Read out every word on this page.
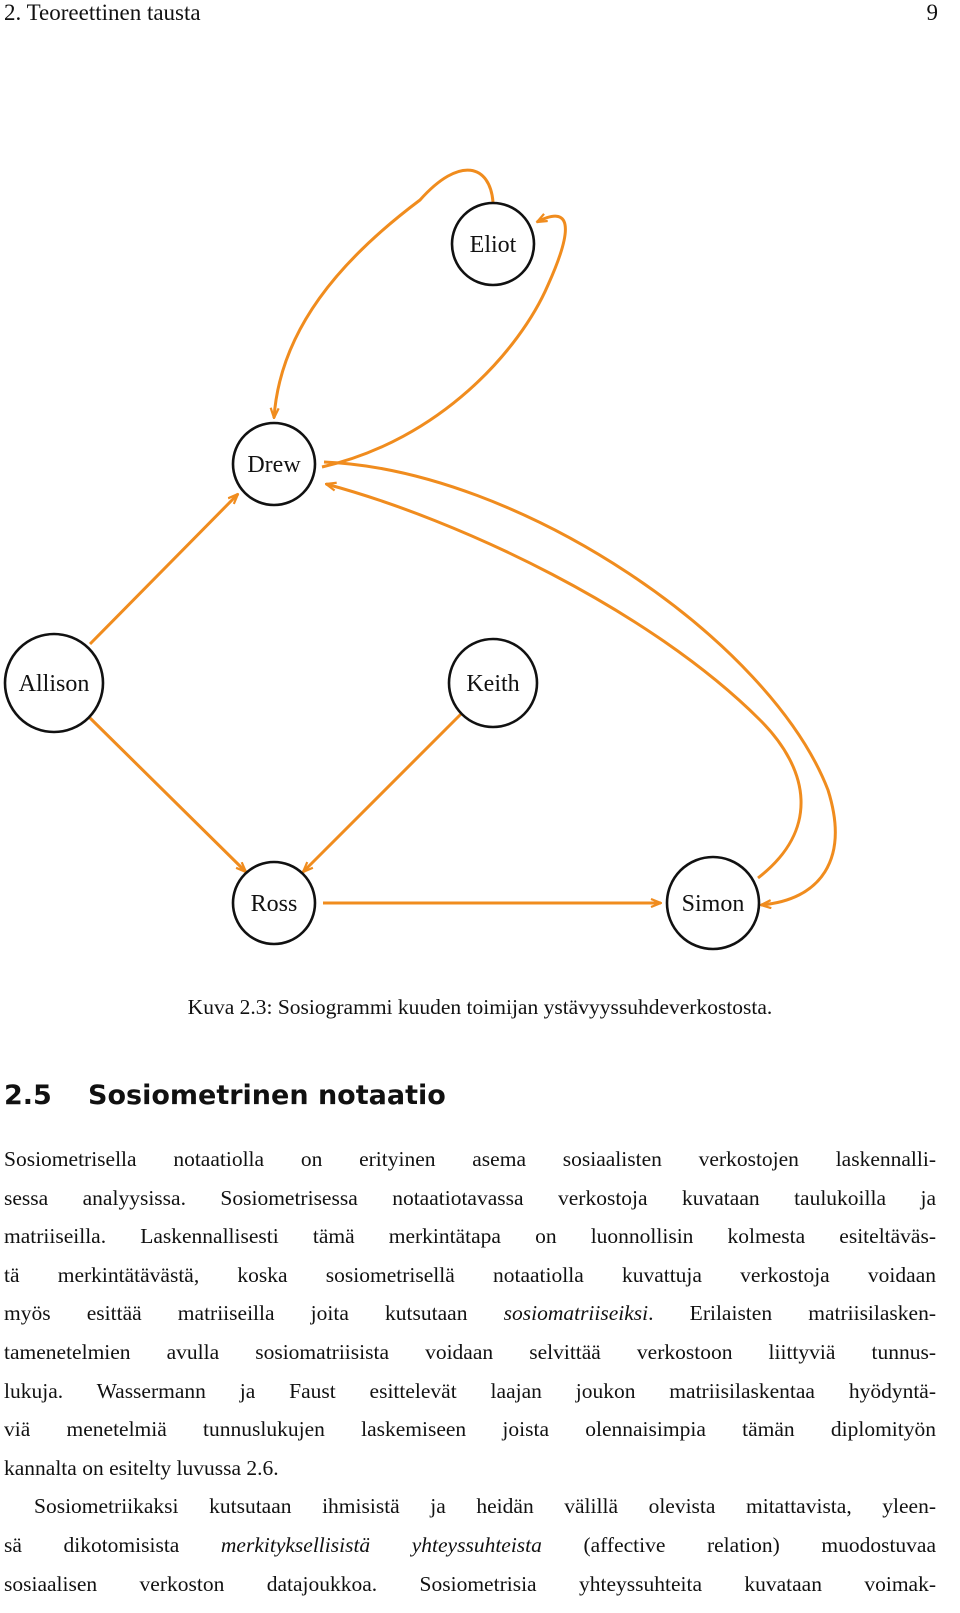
2. Teoreettinen tausta	9
Eliot
Drew
Allison	Keith
Ross	Simon
Kuva 2.3: Sosiogrammi kuuden toimijan ystävyyssuhdeverkostosta.
2.5 Sosiometrinen notaatio
Sosiometrisella notaatiolla on erityinen asema sosiaalisten verkostojen laskennalli-
sessa analyysissa. Sosiometrisessa notaatiotavassa verkostoja kuvataan taulukoilla ja
matriiseilla. Laskennallisesti tämä merkintätapa on luonnollisin kolmesta esiteltäväs-
tä merkintätävästä, koska sosiometrisellä notaatiolla kuvattuja verkostoja voidaan
myös esittää matriiseilla joita kutsutaan sosiomatriiseiksi. Erilaisten matriisilasken-
tamenetelmien avulla sosiomatriisista voidaan selvittää verkostoon liittyviä tunnus-
lukuja. Wassermann ja Faust esittelevät laajan joukon matriisilaskentaa hyödyntä-
viä menetelmiä tunnuslukujen laskemiseen joista olennaisimpia tämän diplomityön
kannalta on esitelty luvussa 2.6.
Sosiometriikaksi kutsutaan ihmisistä ja heidän välillä olevista mitattavista, yleen-
sä dikotomisista merkityksellisistä yhteyssuhteista (affective relation) muodostuvaa
sosiaalisen verkoston datajoukkoa. Sosiometrisia yhteyssuhteita kuvataan voimak-
